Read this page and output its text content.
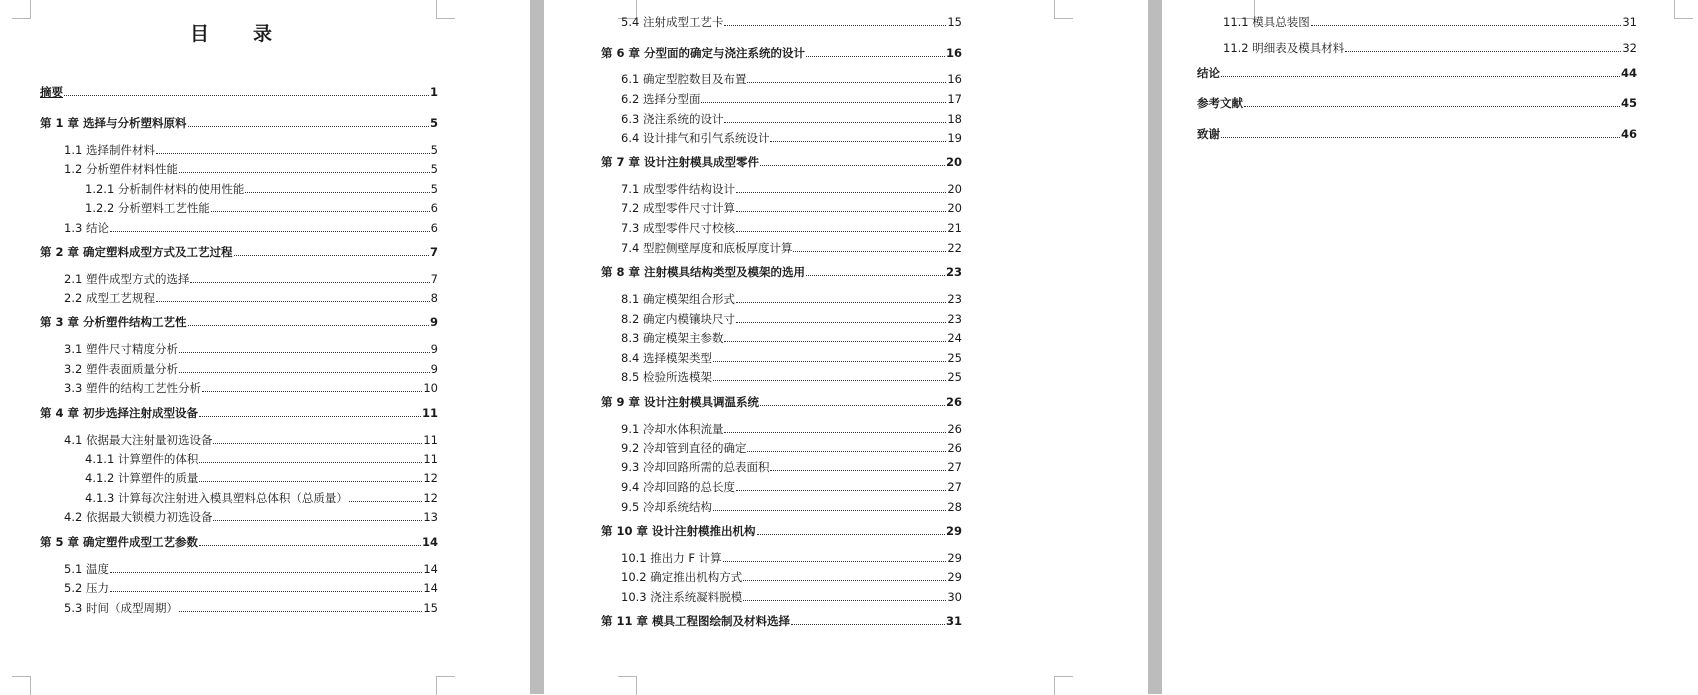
目　　录
摘要	1
第 1 章 选择与分析塑料原料	5
1.1 选择制件材料	5
1.2 分析塑件材料性能	5
1.2.1 分析制件材料的使用性能	5
1.2.2 分析塑料工艺性能	6
1.3 结论	6
第 2 章 确定塑料成型方式及工艺过程	7
2.1 塑件成型方式的选择	7
2.2 成型工艺规程	8
第 3 章 分析塑件结构工艺性	9
3.1 塑件尺寸精度分析	9
3.2 塑件表面质量分析	9
3.3 塑件的结构工艺性分析	10
第 4 章 初步选择注射成型设备	11
4.1 依据最大注射量初选设备	11
4.1.1 计算塑件的体积	11
4.1.2 计算塑件的质量	12
4.1.3 计算每次注射进入模具塑料总体积（总质量）	12
4.2 依据最大锁模力初选设备	13
第 5 章 确定塑件成型工艺参数	14
5.1 温度	14
5.2 压力	14
5.3 时间（成型周期）	15
5.4 注射成型工艺卡	15
第 6 章 分型面的确定与浇注系统的设计	16
6.1 确定型腔数目及布置	16
6.2 选择分型面	17
6.3 浇注系统的设计	18
6.4 设计排气和引气系统设计	19
第 7 章 设计注射模具成型零件	20
7.1 成型零件结构设计	20
7.2 成型零件尺寸计算	20
7.3 成型零件尺寸校核	21
7.4 型腔侧壁厚度和底板厚度计算	22
第 8 章 注射模具结构类型及模架的选用	23
8.1 确定模架组合形式	23
8.2 确定内模镶块尺寸	23
8.3 确定模架主参数	24
8.4 选择模架类型	25
8.5 检验所选模架	25
第 9 章 设计注射模具调温系统	26
9.1 冷却水体积流量	26
9.2 冷却管到直径的确定	26
9.3 冷却回路所需的总表面积	27
9.4 冷却回路的总长度	27
9.5 冷却系统结构	28
第 10 章 设计注射模推出机构	29
10.1 推出力 F 计算	29
10.2 确定推出机构方式	29
10.3 浇注系统凝料脱模	30
第 11 章 模具工程图绘制及材料选择	31
11.1 模具总装图	31
11.2 明细表及模具材料	32
结论	44
参考文献	45
致谢	46
